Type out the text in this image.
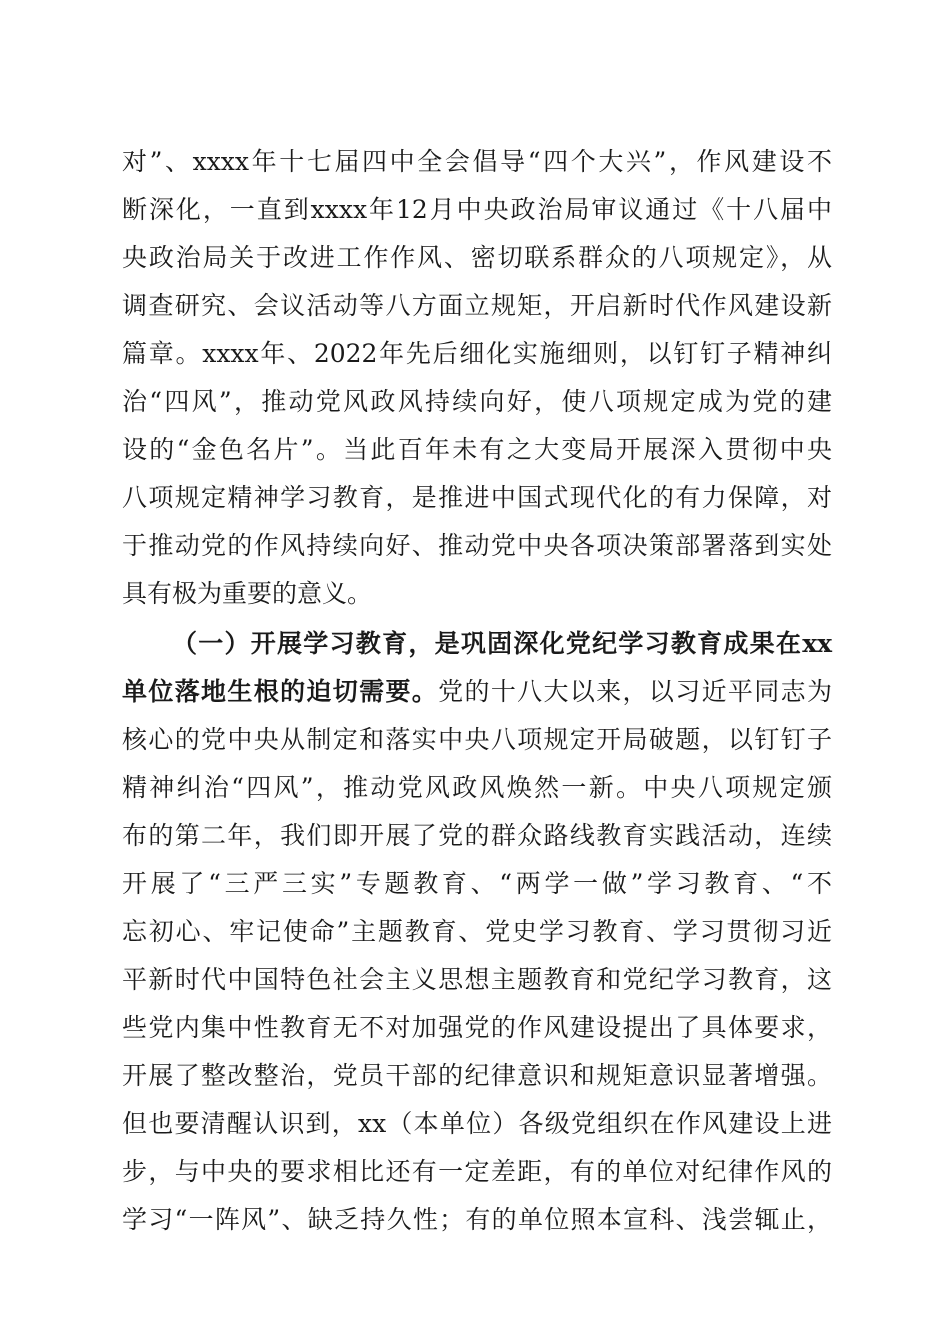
对”、xxxx年十七届四中全会倡导“四个大兴”，作风建设不
断深化，一直到xxxx年12月中央政治局审议通过《十八届中
央政治局关于改进工作作风、密切联系群众的八项规定》，从
调查研究、会议活动等八方面立规矩，开启新时代作风建设新
篇章。xxxx年、2022年先后细化实施细则，以钉钉子精神纠
治“四风”，推动党风政风持续向好，使八项规定成为党的建
设的“金色名片”。当此百年未有之大变局开展深入贯彻中央
八项规定精神学习教育，是推进中国式现代化的有力保障，对
于推动党的作风持续向好、推动党中央各项决策部署落到实处
具有极为重要的意义。
（一）开展学习教育，是巩固深化党纪学习教育成果在xx
单位落地生根的迫切需要。党的十八大以来，以习近平同志为
核心的党中央从制定和落实中央八项规定开局破题，以钉钉子
精神纠治“四风”，推动党风政风焕然一新。中央八项规定颁
布的第二年，我们即开展了党的群众路线教育实践活动，连续
开展了“三严三实”专题教育、“两学一做”学习教育、“不
忘初心、牢记使命”主题教育、党史学习教育、学习贯彻习近
平新时代中国特色社会主义思想主题教育和党纪学习教育，这
些党内集中性教育无不对加强党的作风建设提出了具体要求，
开展了整改整治，党员干部的纪律意识和规矩意识显著增强。
但也要清醒认识到，xx（本单位）各级党组织在作风建设上进
步，与中央的要求相比还有一定差距，有的单位对纪律作风的
学习“一阵风”、缺乏持久性；有的单位照本宣科、浅尝辄止，
